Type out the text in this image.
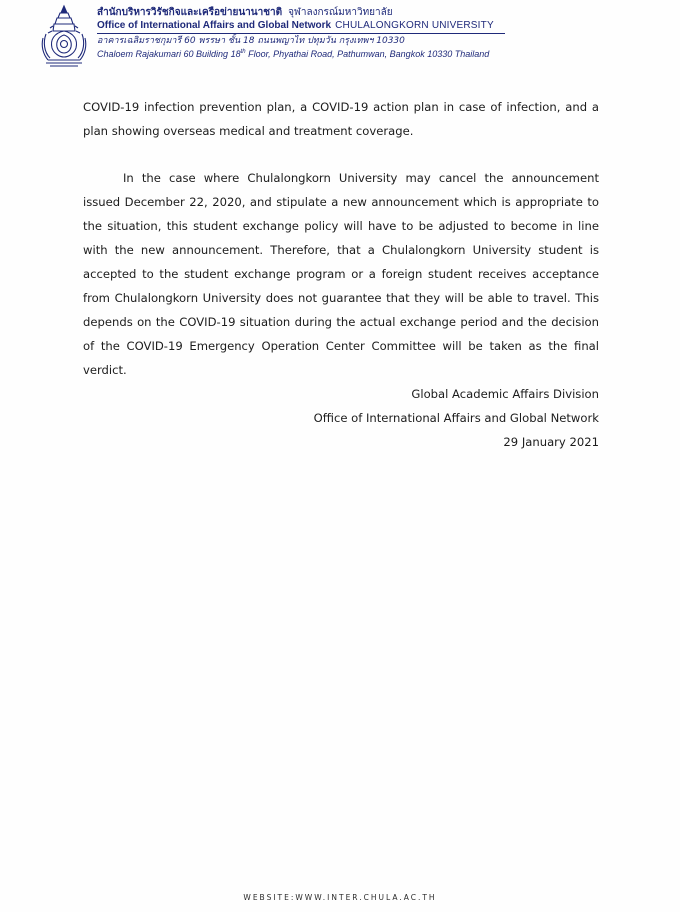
สำนักบริหารวิรัชกิจและเครือข่ายนานาชาติ จุฬาลงกรณ์มหาวิทยาลัย
Office of International Affairs and Global Network CHULALONGKORN UNIVERSITY
อาคารเฉลิมราชกุมารี 60 พรรษา ชั้น 18 ถนนพญาไท ปทุมวัน กรุงเทพฯ 10330
Chaloem Rajakumari 60 Building 18th Floor, Phyathai Road, Pathumwan, Bangkok 10330 Thailand

COVID-19 infection prevention plan, a COVID-19 action plan in case of infection, and a plan showing overseas medical and treatment coverage.

In the case where Chulalongkorn University may cancel the announcement issued December 22, 2020, and stipulate a new announcement which is appropriate to the situation, this student exchange policy will have to be adjusted to become in line with the new announcement. Therefore, that a Chulalongkorn University student is accepted to the student exchange program or a foreign student receives acceptance from Chulalongkorn University does not guarantee that they will be able to travel. This depends on the COVID-19 situation during the actual exchange period and the decision of the COVID-19 Emergency Operation Center Committee will be taken as the final verdict.

Global Academic Affairs Division
Office of International Affairs and Global Network
29 January 2021
WEBSITE:WWW.INTER.CHULA.AC.TH
